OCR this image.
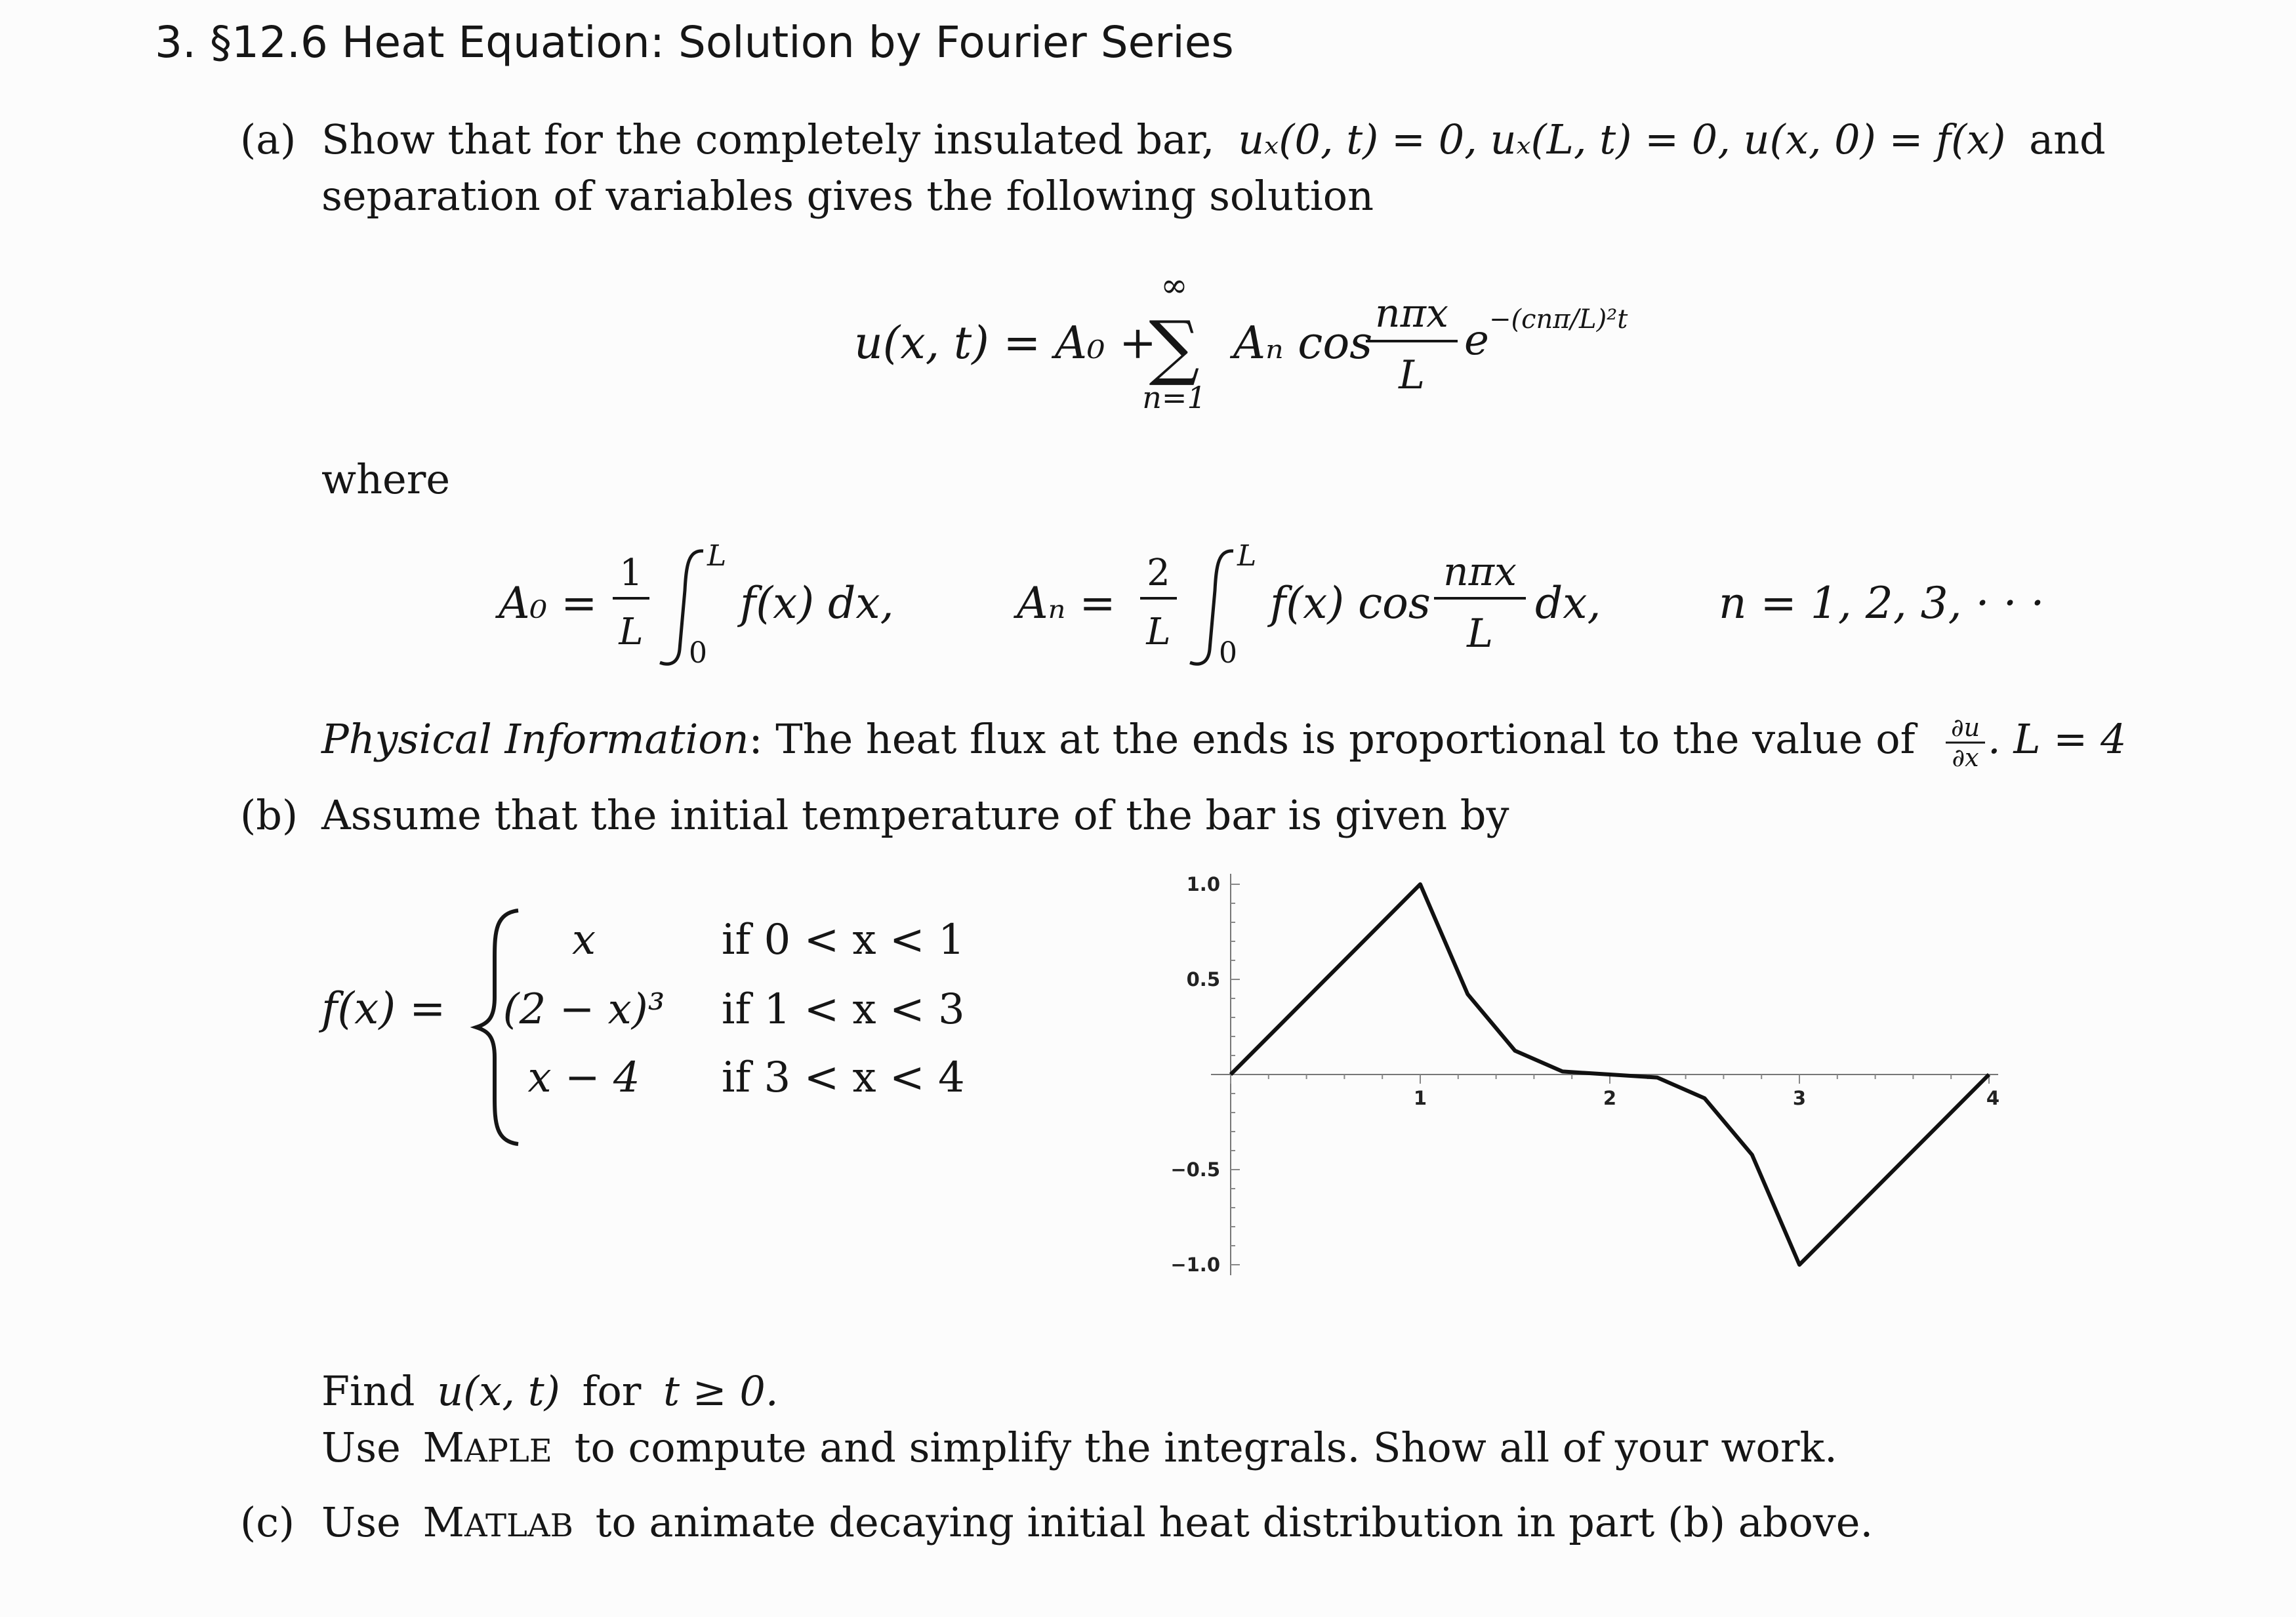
3. §12.6 Heat Equation: Solution by Fourier Series
(a) Show that for the completely insulated bar, uₓ(0, t) = 0, uₓ(L, t) = 0, u(x, 0) = f(x) and
separation of variables gives the following solution
u(x, t) = A₀ +
∞
∑
n=1
Aₙ cos
nπx
L
e −(cnπ/L)²t
where
A₀ =
1
L
L
0
f(x) dx,	Aₙ =
2
L
L
0
f(x) cos
nπx
L
dx,	n = 1, 2, 3, · · ·
Physical Information: The heat flux at the ends is proportional to the value of ∂u
∂x . L = 4
(b) Assume that the initial temperature of the bar is given by
f(x) =
x	if 0 < x < 1
(2 − x)³ if 1 < x < 3
x − 4 if 3 < x < 4
Find u(x, t) for t ≥ 0.
Use MAPLE to compute and simplify the integrals. Show all of your work.
(c) Use MATLAB to animate decaying initial heat distribution in part (b) above.
1	2	3	4
1.0
0.5
−0.5
−1.0
